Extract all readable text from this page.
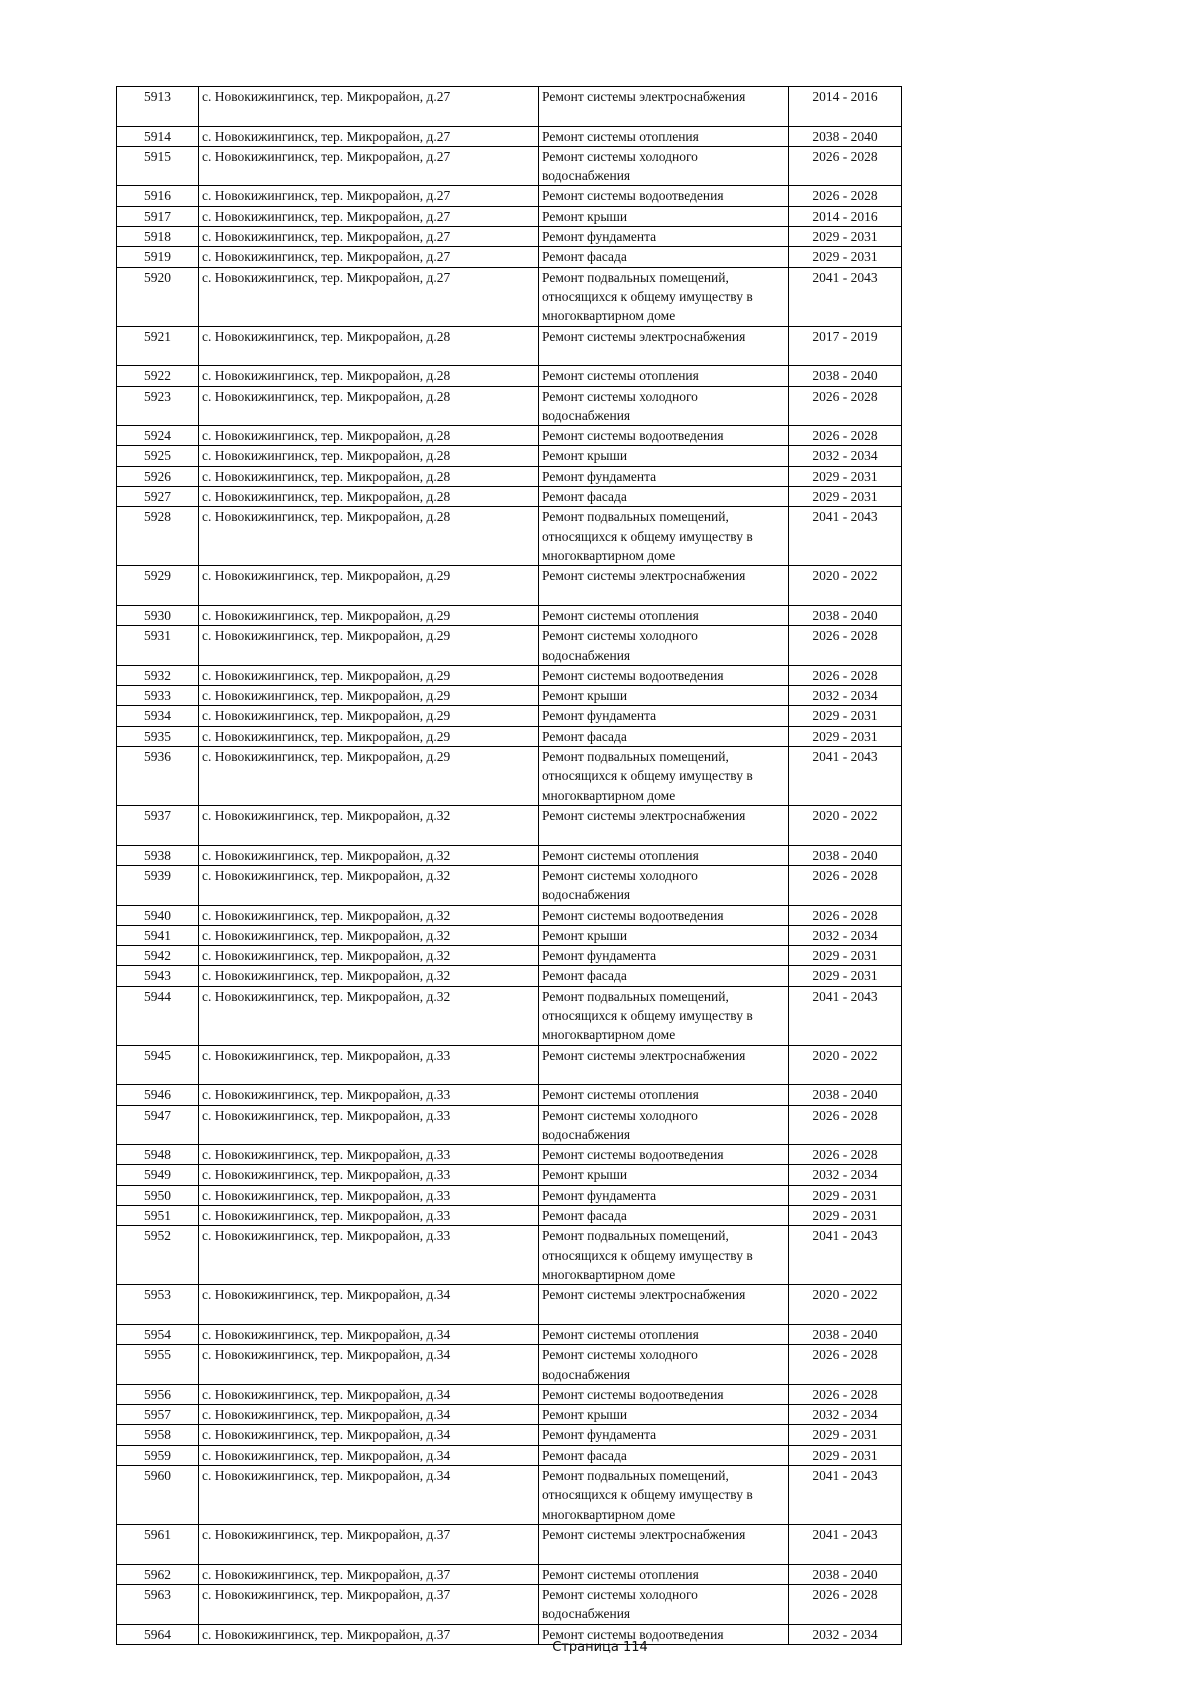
5913	с. Новокижингинск, тер. Микрорайон, д.27	Ремонт системы электроснабжения	2014 - 2016
5914	с. Новокижингинск, тер. Микрорайон, д.27	Ремонт системы отопления	2038 - 2040
5915	с. Новокижингинск, тер. Микрорайон, д.27	Ремонт системы холодного водоснабжения	2026 - 2028
5916	с. Новокижингинск, тер. Микрорайон, д.27	Ремонт системы водоотведения	2026 - 2028
5917	с. Новокижингинск, тер. Микрорайон, д.27	Ремонт крыши	2014 - 2016
5918	с. Новокижингинск, тер. Микрорайон, д.27	Ремонт фундамента	2029 - 2031
5919	с. Новокижингинск, тер. Микрорайон, д.27	Ремонт фасада	2029 - 2031
5920	с. Новокижингинск, тер. Микрорайон, д.27	Ремонт подвальных помещений, относящихся к общему имуществу в многоквартирном доме	2041 - 2043
5921	с. Новокижингинск, тер. Микрорайон, д.28	Ремонт системы электроснабжения	2017 - 2019
5922	с. Новокижингинск, тер. Микрорайон, д.28	Ремонт системы отопления	2038 - 2040
5923	с. Новокижингинск, тер. Микрорайон, д.28	Ремонт системы холодного водоснабжения	2026 - 2028
5924	с. Новокижингинск, тер. Микрорайон, д.28	Ремонт системы водоотведения	2026 - 2028
5925	с. Новокижингинск, тер. Микрорайон, д.28	Ремонт крыши	2032 - 2034
5926	с. Новокижингинск, тер. Микрорайон, д.28	Ремонт фундамента	2029 - 2031
5927	с. Новокижингинск, тер. Микрорайон, д.28	Ремонт фасада	2029 - 2031
5928	с. Новокижингинск, тер. Микрорайон, д.28	Ремонт подвальных помещений, относящихся к общему имуществу в многоквартирном доме	2041 - 2043
5929	с. Новокижингинск, тер. Микрорайон, д.29	Ремонт системы электроснабжения	2020 - 2022
5930	с. Новокижингинск, тер. Микрорайон, д.29	Ремонт системы отопления	2038 - 2040
5931	с. Новокижингинск, тер. Микрорайон, д.29	Ремонт системы холодного водоснабжения	2026 - 2028
5932	с. Новокижингинск, тер. Микрорайон, д.29	Ремонт системы водоотведения	2026 - 2028
5933	с. Новокижингинск, тер. Микрорайон, д.29	Ремонт крыши	2032 - 2034
5934	с. Новокижингинск, тер. Микрорайон, д.29	Ремонт фундамента	2029 - 2031
5935	с. Новокижингинск, тер. Микрорайон, д.29	Ремонт фасада	2029 - 2031
5936	с. Новокижингинск, тер. Микрорайон, д.29	Ремонт подвальных помещений, относящихся к общему имуществу в многоквартирном доме	2041 - 2043
5937	с. Новокижингинск, тер. Микрорайон, д.32	Ремонт системы электроснабжения	2020 - 2022
5938	с. Новокижингинск, тер. Микрорайон, д.32	Ремонт системы отопления	2038 - 2040
5939	с. Новокижингинск, тер. Микрорайон, д.32	Ремонт системы холодного водоснабжения	2026 - 2028
5940	с. Новокижингинск, тер. Микрорайон, д.32	Ремонт системы водоотведения	2026 - 2028
5941	с. Новокижингинск, тер. Микрорайон, д.32	Ремонт крыши	2032 - 2034
5942	с. Новокижингинск, тер. Микрорайон, д.32	Ремонт фундамента	2029 - 2031
5943	с. Новокижингинск, тер. Микрорайон, д.32	Ремонт фасада	2029 - 2031
5944	с. Новокижингинск, тер. Микрорайон, д.32	Ремонт подвальных помещений, относящихся к общему имуществу в многоквартирном доме	2041 - 2043
5945	с. Новокижингинск, тер. Микрорайон, д.33	Ремонт системы электроснабжения	2020 - 2022
5946	с. Новокижингинск, тер. Микрорайон, д.33	Ремонт системы отопления	2038 - 2040
5947	с. Новокижингинск, тер. Микрорайон, д.33	Ремонт системы холодного водоснабжения	2026 - 2028
5948	с. Новокижингинск, тер. Микрорайон, д.33	Ремонт системы водоотведения	2026 - 2028
5949	с. Новокижингинск, тер. Микрорайон, д.33	Ремонт крыши	2032 - 2034
5950	с. Новокижингинск, тер. Микрорайон, д.33	Ремонт фундамента	2029 - 2031
5951	с. Новокижингинск, тер. Микрорайон, д.33	Ремонт фасада	2029 - 2031
5952	с. Новокижингинск, тер. Микрорайон, д.33	Ремонт подвальных помещений, относящихся к общему имуществу в многоквартирном доме	2041 - 2043
5953	с. Новокижингинск, тер. Микрорайон, д.34	Ремонт системы электроснабжения	2020 - 2022
5954	с. Новокижингинск, тер. Микрорайон, д.34	Ремонт системы отопления	2038 - 2040
5955	с. Новокижингинск, тер. Микрорайон, д.34	Ремонт системы холодного водоснабжения	2026 - 2028
5956	с. Новокижингинск, тер. Микрорайон, д.34	Ремонт системы водоотведения	2026 - 2028
5957	с. Новокижингинск, тер. Микрорайон, д.34	Ремонт крыши	2032 - 2034
5958	с. Новокижингинск, тер. Микрорайон, д.34	Ремонт фундамента	2029 - 2031
5959	с. Новокижингинск, тер. Микрорайон, д.34	Ремонт фасада	2029 - 2031
5960	с. Новокижингинск, тер. Микрорайон, д.34	Ремонт подвальных помещений, относящихся к общему имуществу в многоквартирном доме	2041 - 2043
5961	с. Новокижингинск, тер. Микрорайон, д.37	Ремонт системы электроснабжения	2041 - 2043
5962	с. Новокижингинск, тер. Микрорайон, д.37	Ремонт системы отопления	2038 - 2040
5963	с. Новокижингинск, тер. Микрорайон, д.37	Ремонт системы холодного водоснабжения	2026 - 2028
5964	с. Новокижингинск, тер. Микрорайон, д.37	Ремонт системы водоотведения	2032 - 2034
Страница 114
